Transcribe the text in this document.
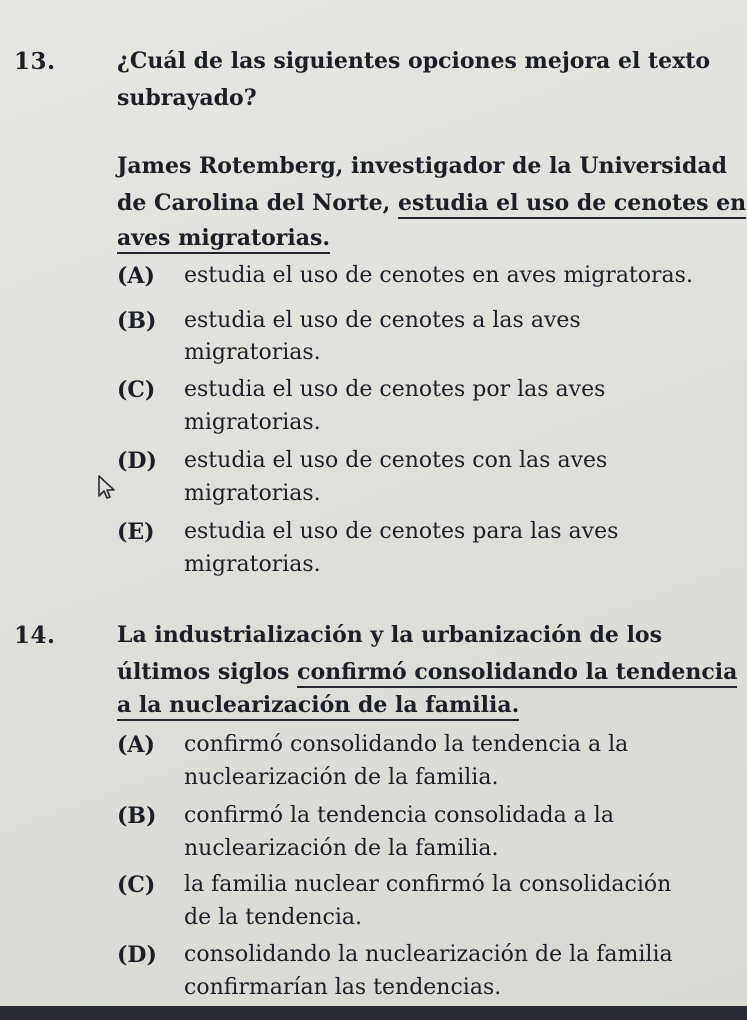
13.	¿Cuál de las siguientes opciones mejora el texto
subrayado?
James Rotemberg, investigador de la Universidad
de Carolina del Norte, estudia el uso de cenotes en
aves migratorias.
(A) estudia el uso de cenotes en aves migratoras.
(B) estudia el uso de cenotes a las aves
migratorias.
(C) estudia el uso de cenotes por las aves
migratorias.
(D) estudia el uso de cenotes con las aves
migratorias.
(E) estudia el uso de cenotes para las aves
migratorias.
14.	La industrialización y la urbanización de los
últimos siglos confirmó consolidando la tendencia
a la nuclearización de la familia.
(A) confirmó consolidando la tendencia a la
nuclearización de la familia.
(B) confirmó la tendencia consolidada a la
nuclearización de la familia.
(C) la familia nuclear confirmó la consolidación
de la tendencia.
(D) consolidando la nuclearización de la familia
confirmarían las tendencias.
